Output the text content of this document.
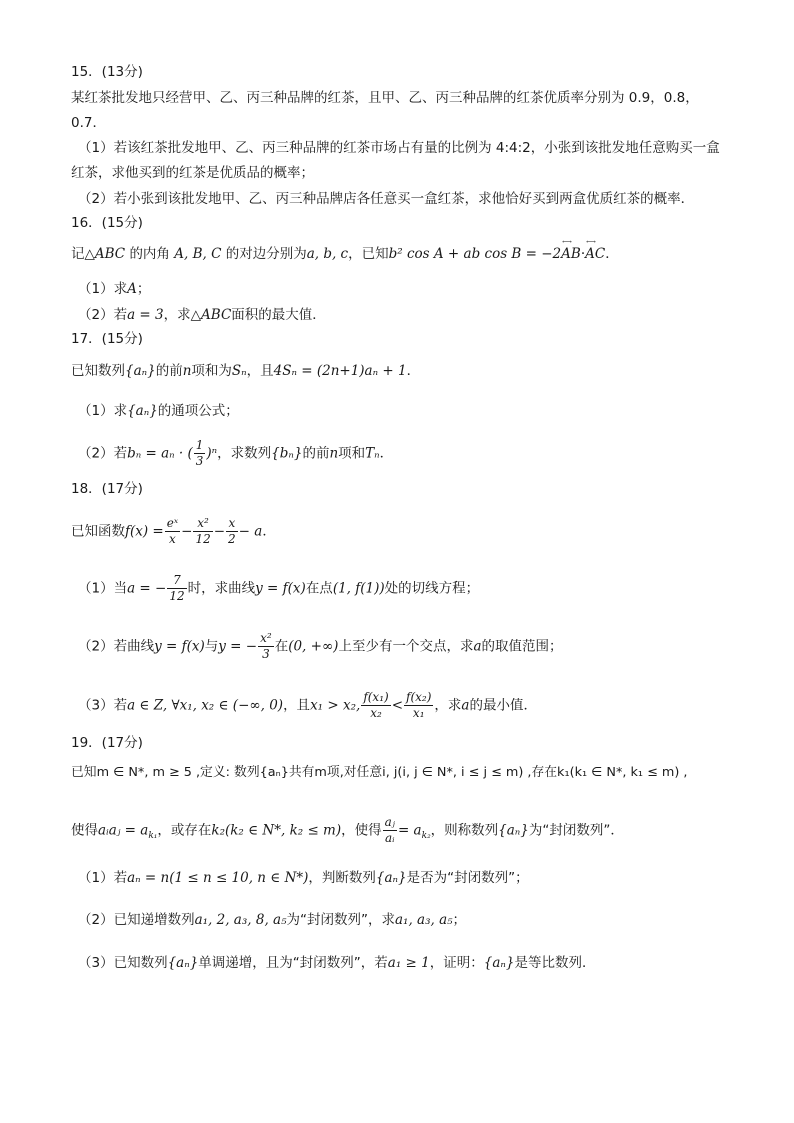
15．(13分)
某红茶批发地只经营甲、乙、丙三种品牌的红茶，且甲、乙、丙三种品牌的红茶优质率分别为 0.9，0.8，
0.7．
（1）若该红茶批发地甲、乙、丙三种品牌的红茶市场占有量的比例为 4:4:2，小张到该批发地任意购买一盒
红茶，求他买到的红茶是优质品的概率；
（2）若小张到该批发地甲、乙、丙三种品牌店各任意买一盒红茶，求他恰好买到两盒优质红茶的概率．
16．(15分)
记△ABC 的内角 A, B, C 的对边分别为a, b, c，已知b² cos A + ab cos B = −2←→ AB·←→ AC．
（1）求A；
（2）若a = 3，求△ABC面积的最大值．
17．(15分)
已知数列{aₙ}的前n项和为Sₙ，且4Sₙ = (2n+1)aₙ + 1．
（1）求{aₙ}的通项公式；
（2）若bₙ = aₙ · ( $\frac{1}{3} )^n$，求数列{bₙ}的前n项和Tₙ．
18．(17分)
已知函数$f(x) = \frac{\text{eˣ}}{x} - \frac{\text{x²}}{12} - \frac{x}{2} - a$．
（1）当a = − $\frac{7}{12}$ 时，求曲线y = f(x)在点(1, f(1))处的切线方程；
（2）若曲线y = f(x)与y = − $\frac{\text{x²}}{3}$ 在(0, +∞)上至少有一个交点，求a的取值范围；
（3）若a ∈ Z, ∀x₁, x₂ ∈ (−∞, 0)，且x₁ > x₂, $\frac{\text{f(x₁)}}{\text{x₂}} < \frac{\text{f(x₂)}}{\text{x₁}}$ ，求a的最小值．
19．(17分)
已知m ∈ N*, m ≥ 5 ,定义: 数列{aₙ}共有m项,对任意i, j(i, j ∈ N*, i ≤ j ≤ m) ,存在k₁(k₁ ∈ N*, k₁ ≤ m) ,
使得aᵢaⱼ = $a_{k_1}$，或存在k₂(k₂ ∈ N*, k₂ ≤ m)，使得 $\frac{\text{aⱼ}}{\text{aᵢ}} = a_{k_2}$，则称数列{aₙ}为“封闭数列”．
（1）若aₙ = n(1 ≤ n ≤ 10, n ∈ N*)，判断数列{aₙ}是否为“封闭数列”；
（2）已知递增数列a₁, 2, a₃, 8, a₅为“封闭数列”，求a₁, a₃, a₅；
（3）已知数列{aₙ}单调递增，且为“封闭数列”，若a₁ ≥ 1，证明：{aₙ}是等比数列．
